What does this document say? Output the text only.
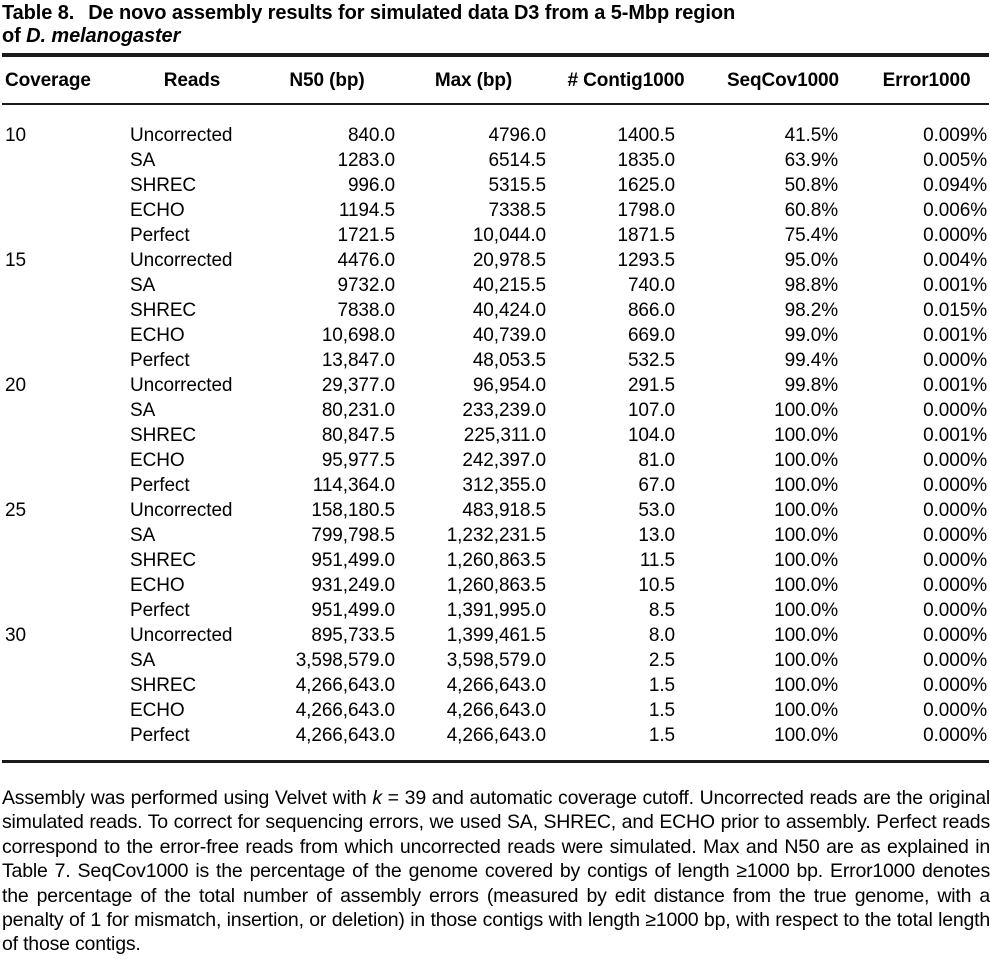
Table 8. De novo assembly results for simulated data D3 from a 5-Mbp region
of D. melanogaster
Coverage	Reads	N50 (bp)	Max (bp)	# Contig1000	SeqCov1000	Error1000
10	Uncorrected	840.0	4796.0	1400.5	41.5%	0.009%
	SA	1283.0	6514.5	1835.0	63.9%	0.005%
	SHREC	996.0	5315.5	1625.0	50.8%	0.094%
	ECHO	1194.5	7338.5	1798.0	60.8%	0.006%
	Perfect	1721.5	10,044.0	1871.5	75.4%	0.000%
15	Uncorrected	4476.0	20,978.5	1293.5	95.0%	0.004%
	SA	9732.0	40,215.5	740.0	98.8%	0.001%
	SHREC	7838.0	40,424.0	866.0	98.2%	0.015%
	ECHO	10,698.0	40,739.0	669.0	99.0%	0.001%
	Perfect	13,847.0	48,053.5	532.5	99.4%	0.000%
20	Uncorrected	29,377.0	96,954.0	291.5	99.8%	0.001%
	SA	80,231.0	233,239.0	107.0	100.0%	0.000%
	SHREC	80,847.5	225,311.0	104.0	100.0%	0.001%
	ECHO	95,977.5	242,397.0	81.0	100.0%	0.000%
	Perfect	114,364.0	312,355.0	67.0	100.0%	0.000%
25	Uncorrected	158,180.5	483,918.5	53.0	100.0%	0.000%
	SA	799,798.5	1,232,231.5	13.0	100.0%	0.000%
	SHREC	951,499.0	1,260,863.5	11.5	100.0%	0.000%
	ECHO	931,249.0	1,260,863.5	10.5	100.0%	0.000%
	Perfect	951,499.0	1,391,995.0	8.5	100.0%	0.000%
30	Uncorrected	895,733.5	1,399,461.5	8.0	100.0%	0.000%
	SA	3,598,579.0	3,598,579.0	2.5	100.0%	0.000%
	SHREC	4,266,643.0	4,266,643.0	1.5	100.0%	0.000%
	ECHO	4,266,643.0	4,266,643.0	1.5	100.0%	0.000%
	Perfect	4,266,643.0	4,266,643.0	1.5	100.0%	0.000%

Assembly was performed using Velvet with k = 39 and automatic coverage cutoff. Uncorrected reads are the original simulated reads. To correct for sequencing errors, we used SA, SHREC, and ECHO prior to assembly. Perfect reads correspond to the error-free reads from which uncorrected reads were simulated. Max and N50 are as explained in Table 7. SeqCov1000 is the percentage of the genome covered by contigs of length ≥1000 bp. Error1000 denotes the percentage of the total number of assembly errors (measured by edit distance from the true genome, with a penalty of 1 for mismatch, insertion, or deletion) in those contigs with length ≥1000 bp, with respect to the total length of those contigs.
